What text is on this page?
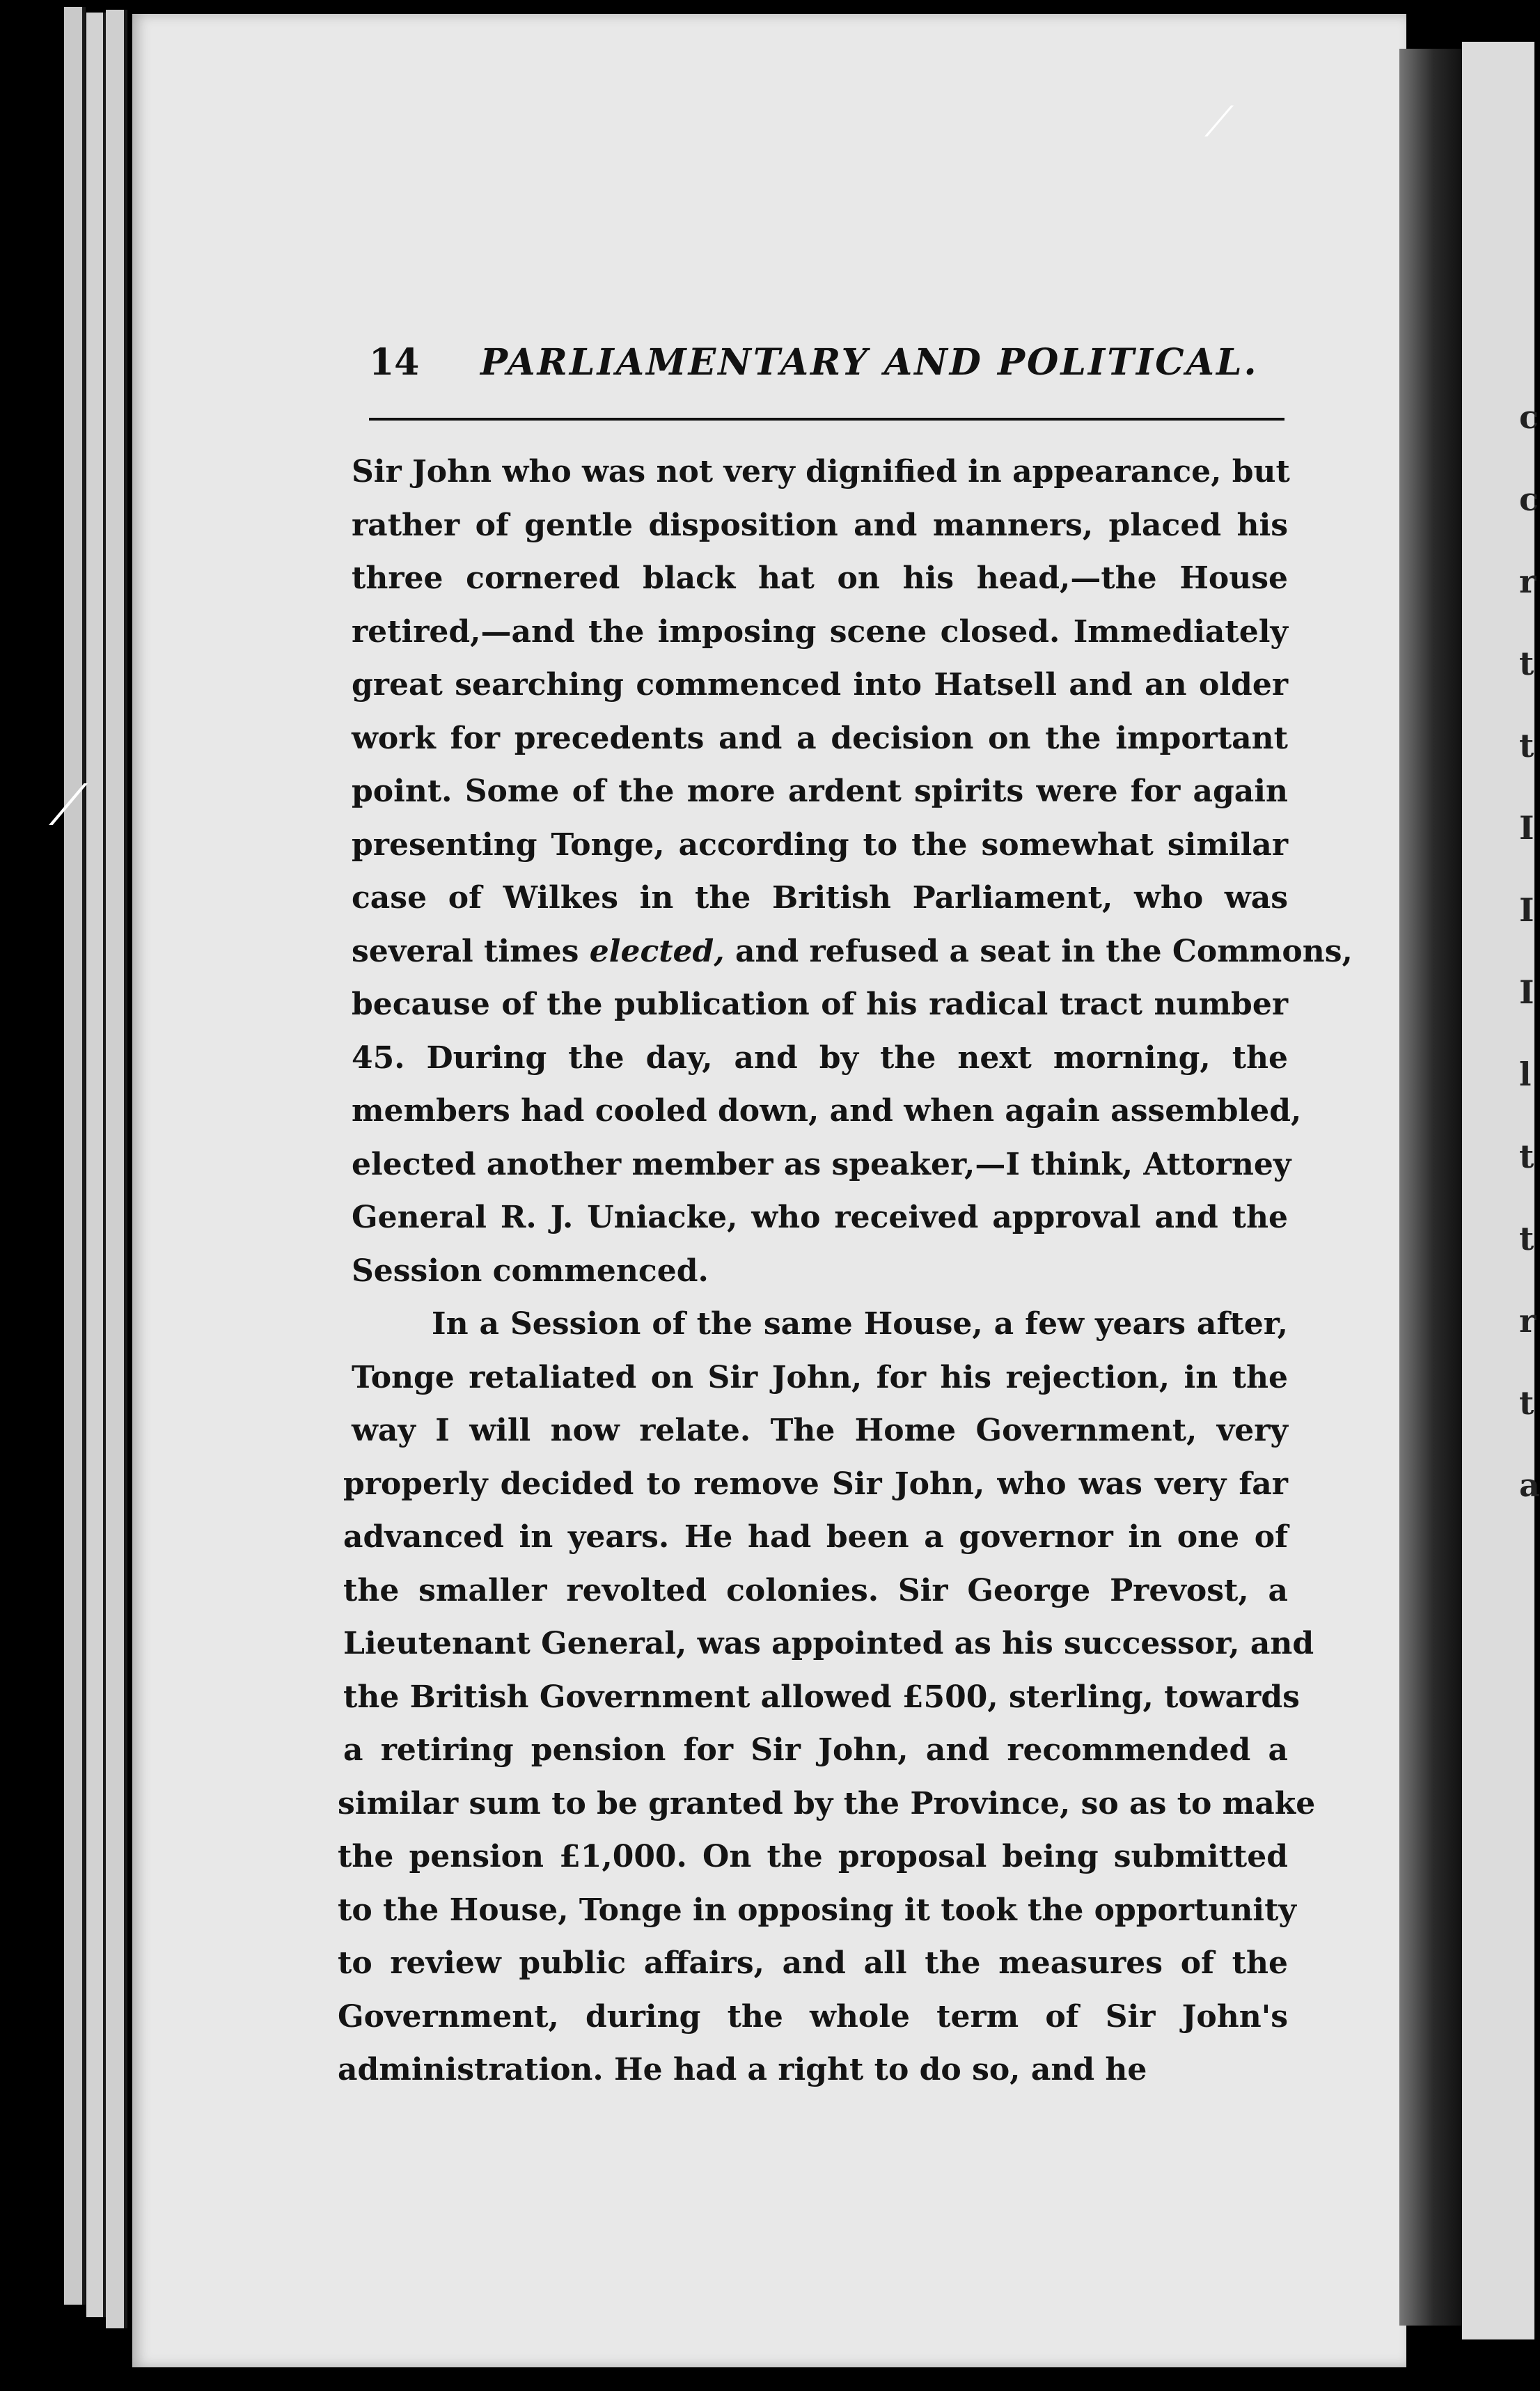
c
c
r
t
t
I
I
I
l
t
t
r
t
a
14 PARLIAMENTARY AND POLITICAL.
Sir John who was not very dignified in appearance, but
rather of gentle disposition and manners, placed his
three cornered black hat on his head,—the House
retired,—and the imposing scene closed. Immediately
great searching commenced into Hatsell and an older
work for precedents and a decision on the important
point. Some of the more ardent spirits were for again
presenting Tonge, according to the somewhat similar
case of Wilkes in the British Parliament, who was
several times elected, and refused a seat in the Commons,
because of the publication of his radical tract number
45. During the day, and by the next morning, the
members had cooled down, and when again assembled,
elected another member as speaker,—I think, Attorney
General R. J. Uniacke, who received approval and the
Session commenced.
In a Session of the same House, a few years after,
Tonge retaliated on Sir John, for his rejection, in the
way I will now relate. The Home Government, very
properly decided to remove Sir John, who was very far
advanced in years. He had been a governor in one of
the smaller revolted colonies. Sir George Prevost, a
Lieutenant General, was appointed as his successor, and
the British Government allowed £500, sterling, towards
a retiring pension for Sir John, and recommended a
similar sum to be granted by the Province, so as to make
the pension £1,000. On the proposal being submitted
to the House, Tonge in opposing it took the opportunity
to review public affairs, and all the measures of the
Government, during the whole term of Sir John's
administration. He had a right to do so, and he
⟋
⟋
